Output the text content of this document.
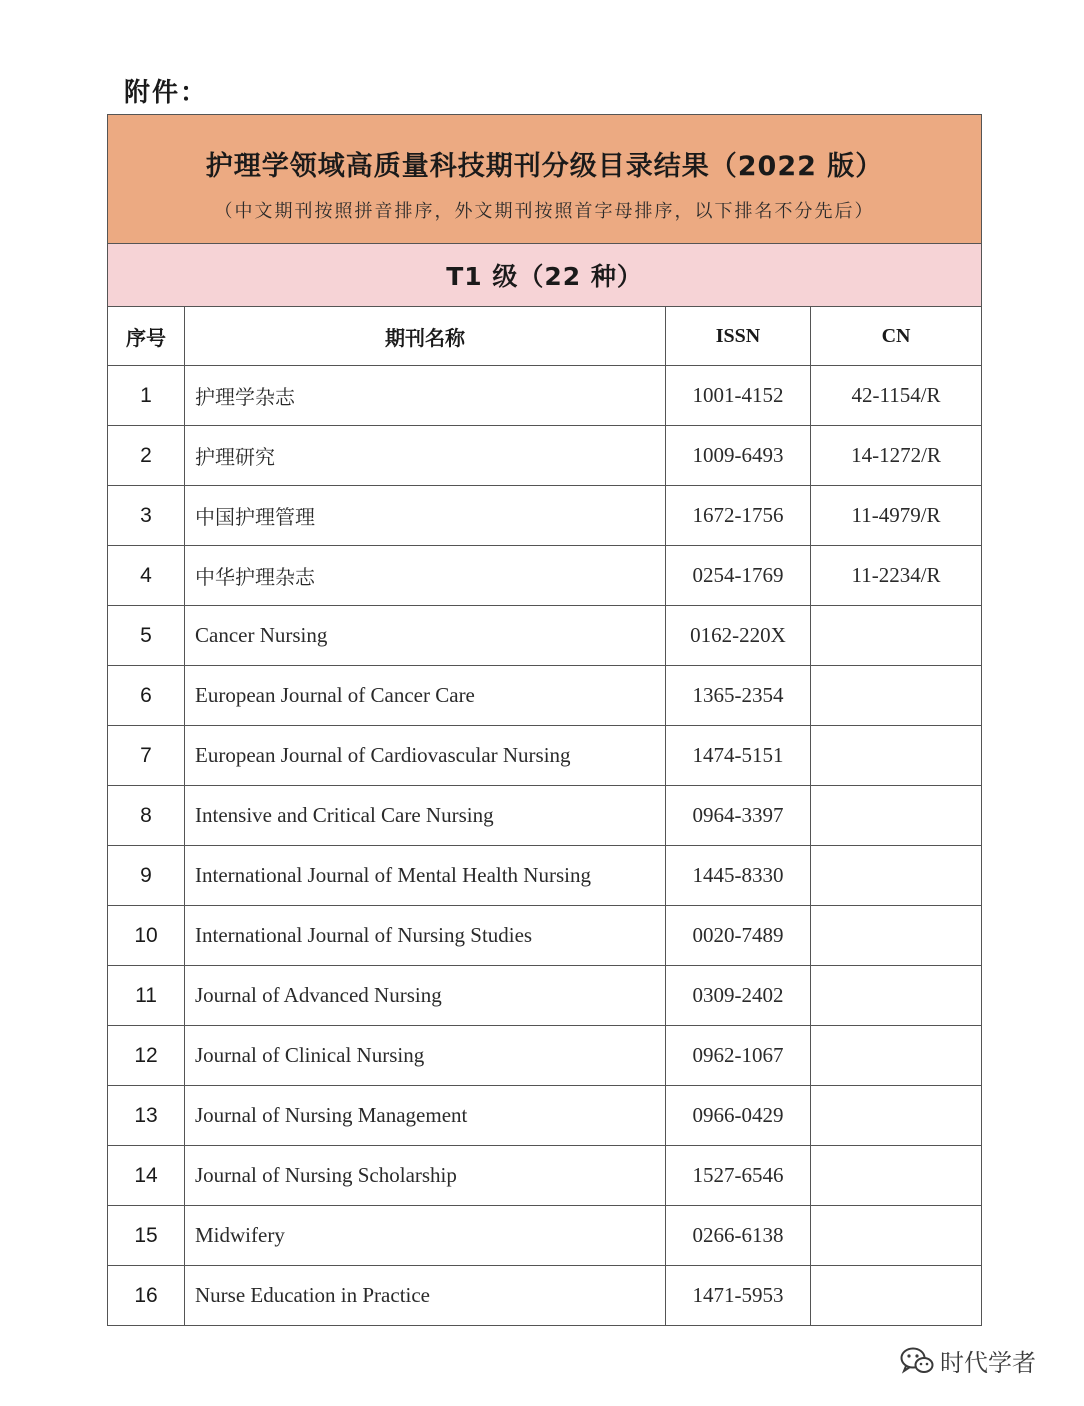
附件：
护理学领域高质量科技期刊分级目录结果（2022 版）
（中文期刊按照拼音排序，外文期刊按照首字母排序，以下排名不分先后）			

T1 级（22 种）			
序号	期刊名称	ISSN	CN
1	护理学杂志	1001-4152	42-1154/R
2	护理研究	1009-6493	14-1272/R
3	中国护理管理	1672-1756	11-4979/R
4	中华护理杂志	0254-1769	11-2234/R
5	Cancer Nursing	0162-220X	
6	European Journal of Cancer Care	1365-2354	
7	European Journal of Cardiovascular Nursing	1474-5151	
8	Intensive and Critical Care Nursing	0964-3397	
9	International Journal of Mental Health Nursing	1445-8330	
10	International Journal of Nursing Studies	0020-7489	
11	Journal of Advanced Nursing	0309-2402	
12	Journal of Clinical Nursing	0962-1067	
13	Journal of Nursing Management	0966-0429	
14	Journal of Nursing Scholarship	1527-6546	
15	Midwifery	0266-6138	
16	Nurse Education in Practice	1471-5953	
时代学者
